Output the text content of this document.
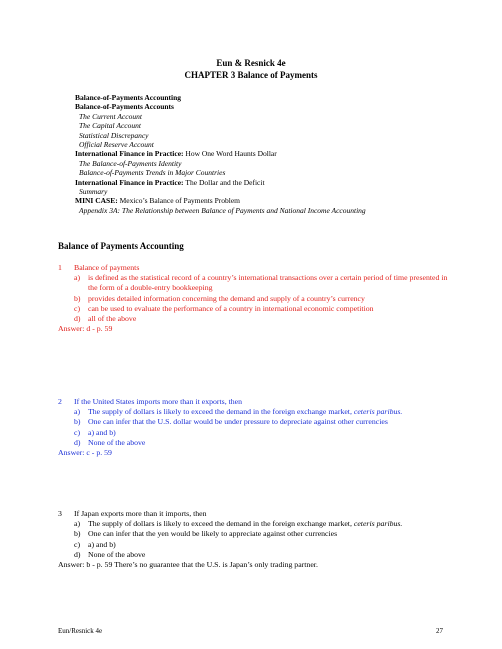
Eun & Resnick 4e
CHAPTER 3 Balance of Payments
Balance-of-Payments Accounting
Balance-of-Payments Accounts
The Current Account
The Capital Account
Statistical Discrepancy
Official Reserve Account
International Finance in Practice: How One Word Haunts Dollar
The Balance-of-Payments Identity
Balance-of-Payments Trends in Major Countries
International Finance in Practice: The Dollar and the Deficit
Summary
MINI CASE: Mexico’s Balance of Payments Problem
Appendix 3A: The Relationship between Balance of Payments and National Income Accounting
Balance of Payments Accounting
1	Balance of payments
a)	is defined as the statistical record of a country’s international transactions over a certain period of time presented in the form of a double-entry bookkeeping
b) provides detailed information concerning the demand and supply of a country’s currency
c)	can be used to evaluate the performance of a country in international economic competition
d) all of the above
Answer: d - p. 59
2	If the United States imports more than it exports, then
a)	The supply of dollars is likely to exceed the demand in the foreign exchange market, ceteris paribus.
b) One can infer that the U.S. dollar would be under pressure to depreciate against other currencies
c)	a) and b)
d) None of the above
Answer: c - p. 59
3	If Japan exports more than it imports, then
a)	The supply of dollars is likely to exceed the demand in the foreign exchange market, ceteris paribus.
b) One can infer that the yen would be likely to appreciate against other currencies
c)	a) and b)
d) None of the above
Answer: b - p. 59 There’s no guarantee that the U.S. is Japan’s only trading partner.
Eun/Resnick 4e	27
